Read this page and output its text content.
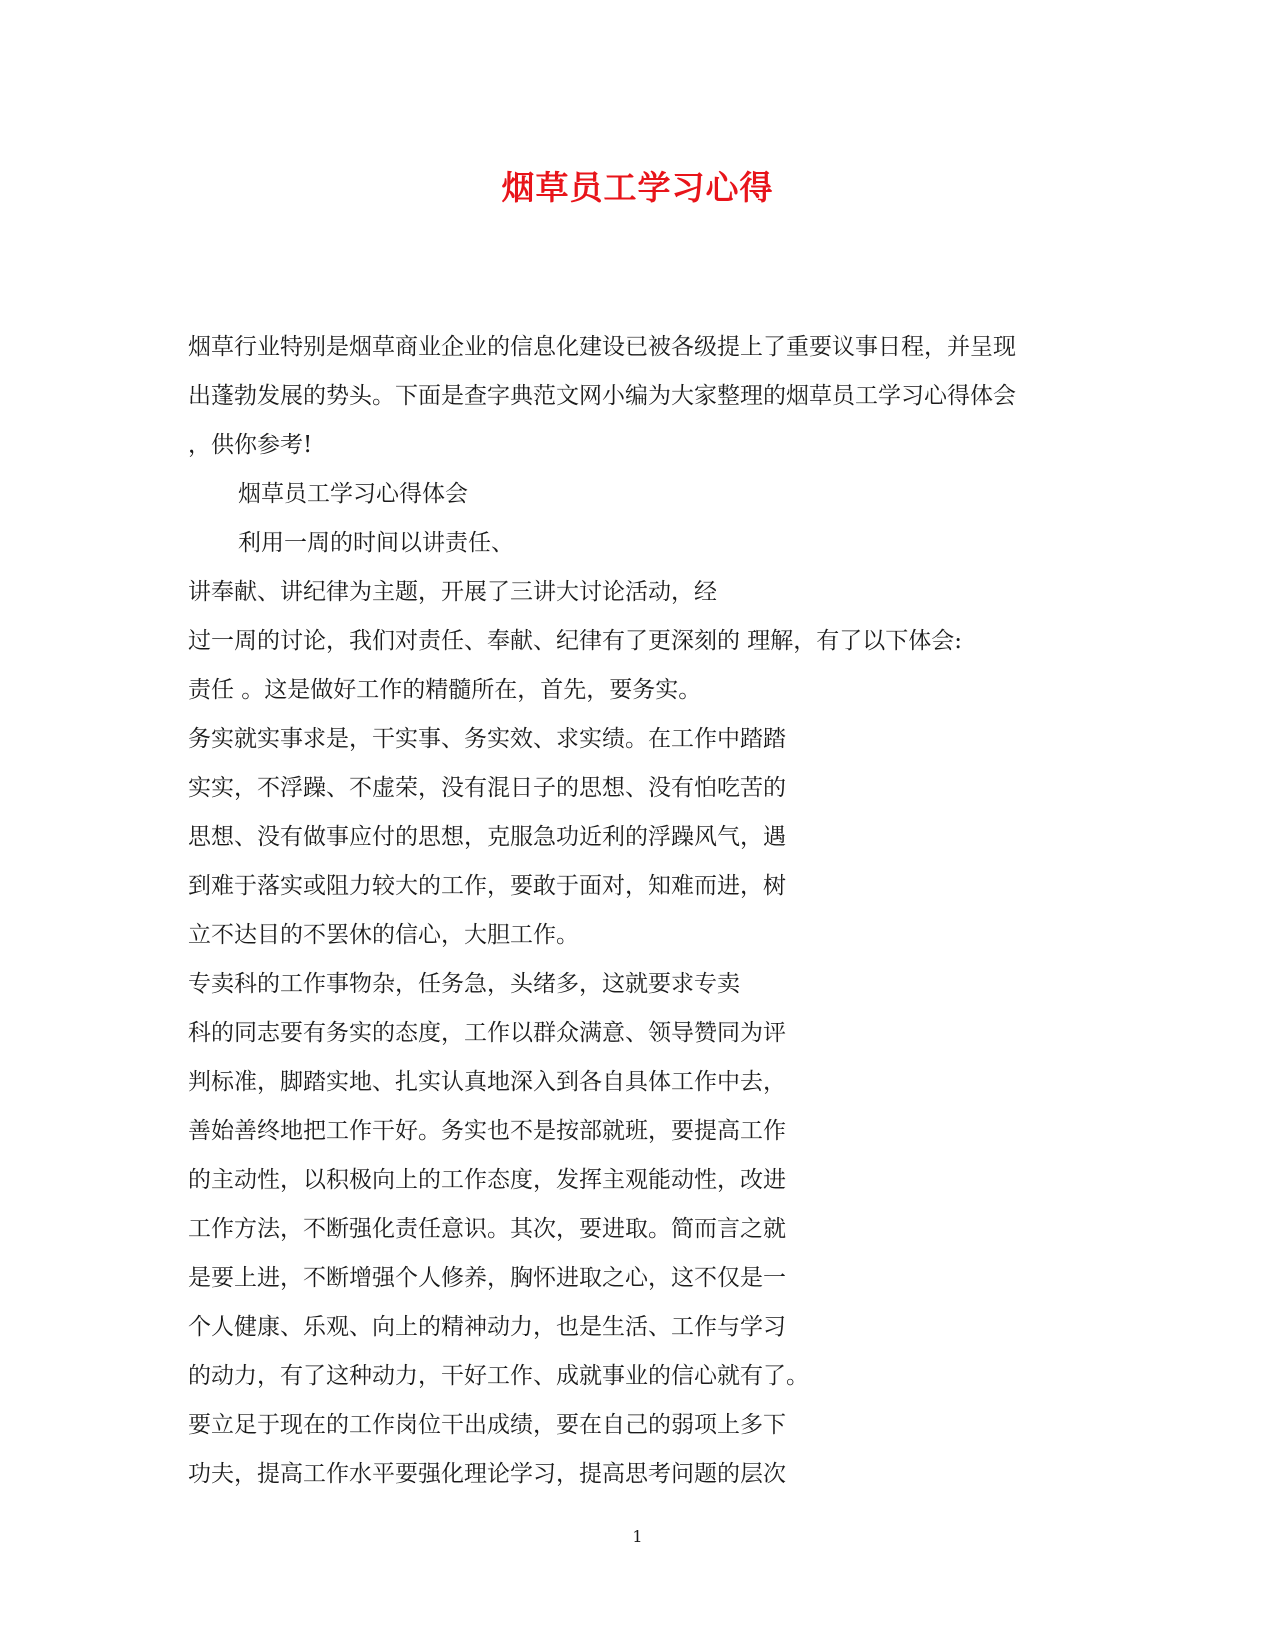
烟草员工学习心得
烟草行业特别是烟草商业企业的信息化建设已被各级提上了重要议事日程，并呈现
出蓬勃发展的势头。下面是查字典范文网小编为大家整理的烟草员工学习心得体会
，供你参考!
烟草员工学习心得体会
利用一周的时间以讲责任、
讲奉献、讲纪律为主题，开展了三讲大讨论活动，经
过一周的讨论，我们对责任、奉献、纪律有了更深刻的 理解，有了以下体会:
责任 。这是做好工作的精髓所在，首先，要务实。
务实就实事求是，干实事、务实效、求实绩。在工作中踏踏
实实，不浮躁、不虚荣，没有混日子的思想、没有怕吃苦的
思想、没有做事应付的思想，克服急功近利的浮躁风气，遇
到难于落实或阻力较大的工作，要敢于面对，知难而进，树
立不达目的不罢休的信心，大胆工作。
专卖科的工作事物杂，任务急，头绪多，这就要求专卖
科的同志要有务实的态度，工作以群众满意、领导赞同为评
判标准，脚踏实地、扎实认真地深入到各自具体工作中去，
善始善终地把工作干好。务实也不是按部就班，要提高工作
的主动性，以积极向上的工作态度，发挥主观能动性，改进
工作方法，不断强化责任意识。其次，要进取。简而言之就
是要上进，不断增强个人修养，胸怀进取之心，这不仅是一
个人健康、乐观、向上的精神动力，也是生活、工作与学习
的动力，有了这种动力，干好工作、成就事业的信心就有了。
要立足于现在的工作岗位干出成绩，要在自己的弱项上多下
功夫，提高工作水平要强化理论学习，提高思考问题的层次
1
